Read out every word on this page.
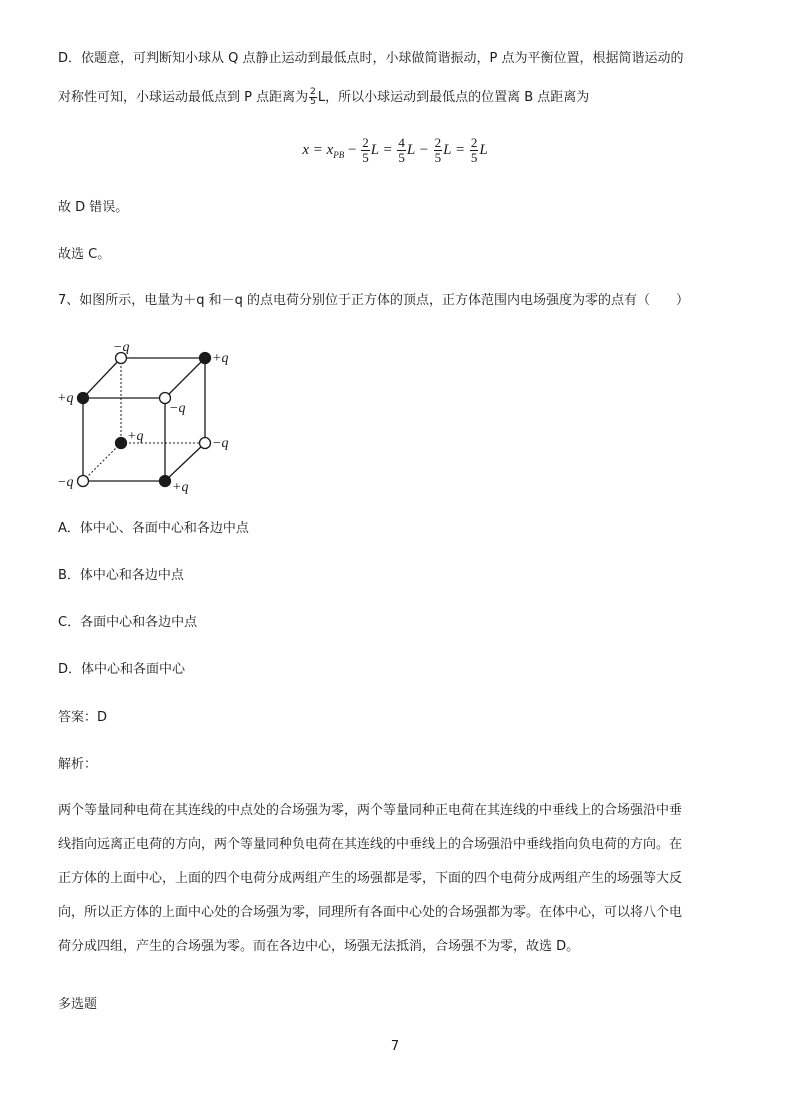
D．依题意，可判断知小球从 Q 点静止运动到最低点时，小球做简谐振动，P 点为平衡位置，根据简谐运动的
对称性可知，小球运动最低点到 P 点距离为 $\frac{2}{5}$ L，所以小球运动到最低点的位置离 B 点距离为
$x = x_{PB} - \frac{2}{5}$ $L = \frac{4}{5}$ $L - \frac{2}{5}$ $L = \frac{2}{5}$ L
故 D 错误。
故选 C。
7、如图所示，电量为＋q 和－q 的点电荷分别位于正方体的顶点，正方体范围内电场强度为零的点有（　　）
−q
+q
+q
−q
+q	−q
−q	+q
A．体中心、各面中心和各边中点
B．体中心和各边中点
C．各面中心和各边中点
D．体中心和各面中心
答案：D
解析：

两个等量同种电荷在其连线的中点处的合场强为零，两个等量同种正电荷在其连线的中垂线上的合场强沿中垂

线指向远离正电荷的方向，两个等量同种负电荷在其连线的中垂线上的合场强沿中垂线指向负电荷的方向。在

正方体的上面中心，上面的四个电荷分成两组产生的场强都是零，下面的四个电荷分成两组产生的场强等大反

向，所以正方体的上面中心处的合场强为零，同理所有各面中心处的合场强都为零。在体中心，可以将八个电

荷分成四组，产生的合场强为零。而在各边中心，场强无法抵消，合场强不为零，故选 D。

多选题
7
